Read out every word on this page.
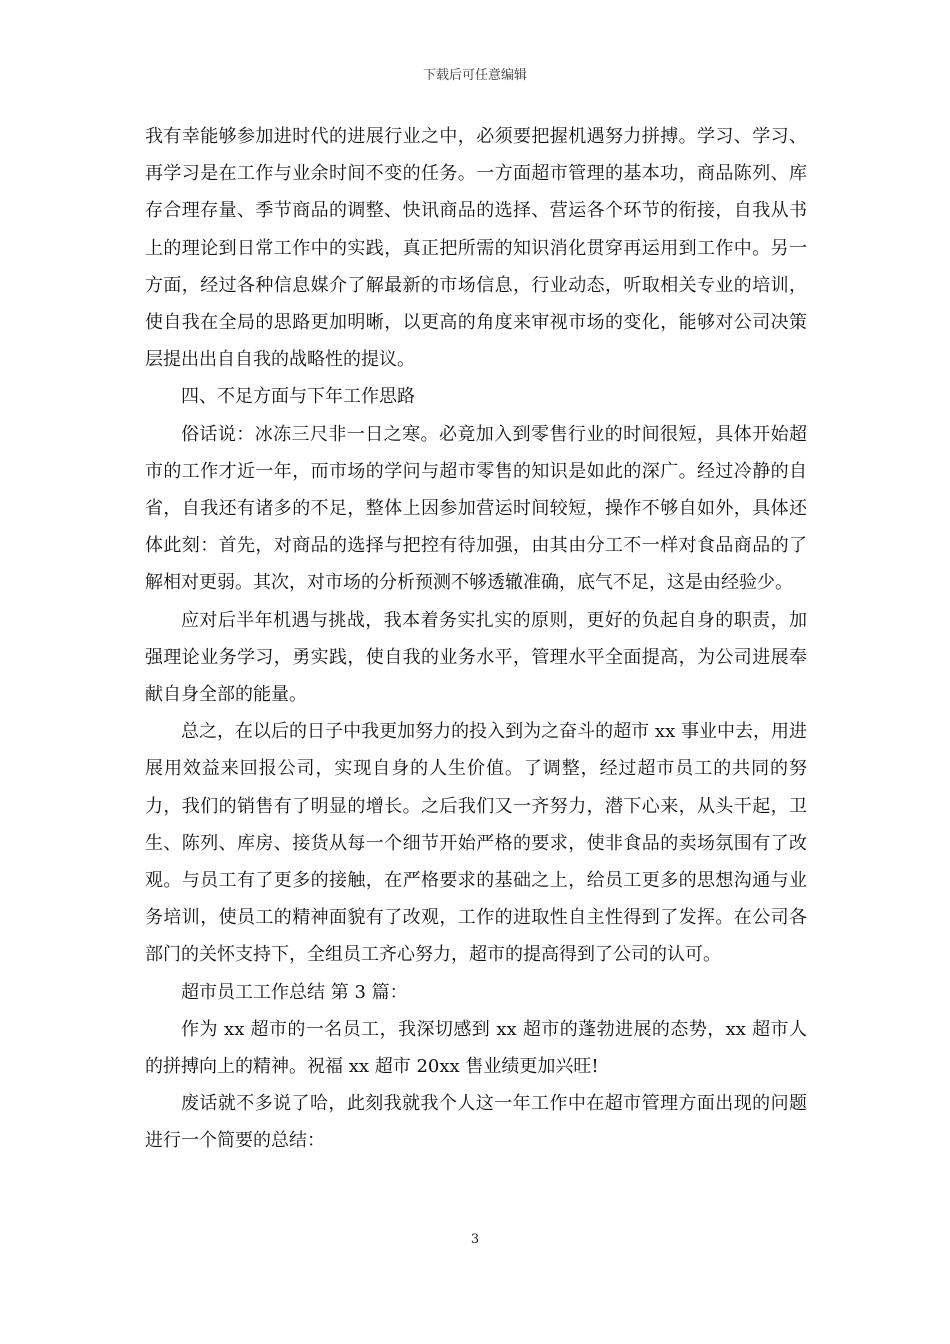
下载后可任意编辑

我有幸能够参加进时代的进展行业之中，必须要把握机遇努力拼搏。学习、学习、再学习是在工作与业余时间不变的任务。一方面超市管理的基本功，商品陈列、库存合理存量、季节商品的调整、快讯商品的选择、营运各个环节的衔接，自我从书上的理论到日常工作中的实践，真正把所需的知识消化贯穿再运用到工作中。另一方面，经过各种信息媒介了解最新的市场信息，行业动态，听取相关专业的培训，使自我在全局的思路更加明晰，以更高的角度来审视市场的变化，能够对公司决策层提出出自自我的战略性的提议。

四、不足方面与下年工作思路

俗话说：冰冻三尺非一日之寒。必竟加入到零售行业的时间很短，具体开始超市的工作才近一年，而市场的学问与超市零售的知识是如此的深广。经过冷静的自省，自我还有诸多的不足，整体上因参加营运时间较短，操作不够自如外，具体还体此刻：首先，对商品的选择与把控有待加强，由其由分工不一样对食品商品的了解相对更弱。其次，对市场的分析预测不够透辙准确，底气不足，这是由经验少。

应对后半年机遇与挑战，我本着务实扎实的原则，更好的负起自身的职责，加强理论业务学习，勇实践，使自我的业务水平，管理水平全面提高，为公司进展奉献自身全部的能量。

总之，在以后的日子中我更加努力的投入到为之奋斗的超市 xx 事业中去，用进展用效益来回报公司，实现自身的人生价值。了调整，经过超市员工的共同的努力，我们的销售有了明显的增长。之后我们又一齐努力，潜下心来，从头干起，卫生、陈列、库房、接货从每一个细节开始严格的要求，使非食品的卖场氛围有了改观。与员工有了更多的接触，在严格要求的基础之上，给员工更多的思想沟通与业务培训，使员工的精神面貌有了改观，工作的进取性自主性得到了发挥。在公司各部门的关怀支持下，全组员工齐心努力，超市的提高得到了公司的认可。

超市员工工作总结 第 3 篇：

作为 xx 超市的一名员工，我深切感到 xx 超市的蓬勃进展的态势，xx 超市人的拼搏向上的精神。祝福 xx 超市 20xx 售业绩更加兴旺!

废话就不多说了哈，此刻我就我个人这一年工作中在超市管理方面出现的问题进行一个简要的总结：

3
